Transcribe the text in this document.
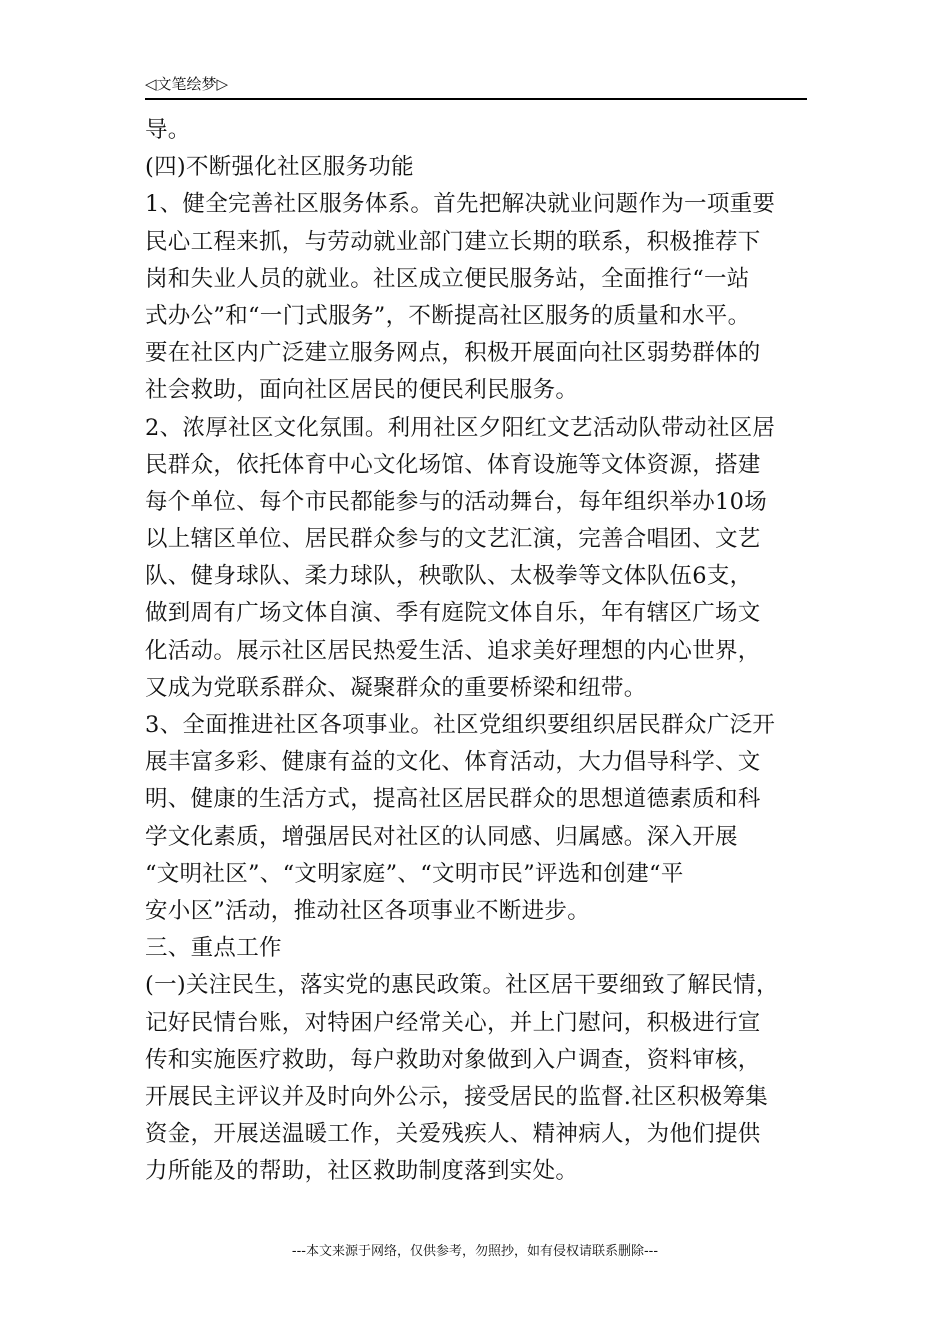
◁文笔绘梦▷
导。
(四)不断强化社区服务功能
1、健全完善社区服务体系。首先把解决就业问题作为一项重要
民心工程来抓，与劳动就业部门建立长期的联系，积极推荐下
岗和失业人员的就业。社区成立便民服务站，全面推行“一站
式办公”和“一门式服务”，不断提高社区服务的质量和水平。
要在社区内广泛建立服务网点，积极开展面向社区弱势群体的
社会救助，面向社区居民的便民利民服务。
2、浓厚社区文化氛围。利用社区夕阳红文艺活动队带动社区居
民群众，依托体育中心文化场馆、体育设施等文体资源，搭建
每个单位、每个市民都能参与的活动舞台，每年组织举办10场
以上辖区单位、居民群众参与的文艺汇演，完善合唱团、文艺
队、健身球队、柔力球队，秧歌队、太极拳等文体队伍6支，
做到周有广场文体自演、季有庭院文体自乐，年有辖区广场文
化活动。展示社区居民热爱生活、追求美好理想的内心世界，
又成为党联系群众、凝聚群众的重要桥梁和纽带。
3、全面推进社区各项事业。社区党组织要组织居民群众广泛开
展丰富多彩、健康有益的文化、体育活动，大力倡导科学、文
明、健康的生活方式，提高社区居民群众的思想道德素质和科
学文化素质，增强居民对社区的认同感、归属感。深入开展
“文明社区”、“文明家庭”、“文明市民”评选和创建“平
安小区”活动，推动社区各项事业不断进步。
三、重点工作
(一)关注民生，落实党的惠民政策。社区居干要细致了解民情，
记好民情台账，对特困户经常关心，并上门慰问，积极进行宣
传和实施医疗救助，每户救助对象做到入户调查，资料审核，
开展民主评议并及时向外公示，接受居民的监督.社区积极筹集
资金，开展送温暖工作，关爱残疾人、精神病人，为他们提供
力所能及的帮助，社区救助制度落到实处。
---本文来源于网络，仅供参考，勿照抄，如有侵权请联系删除---
